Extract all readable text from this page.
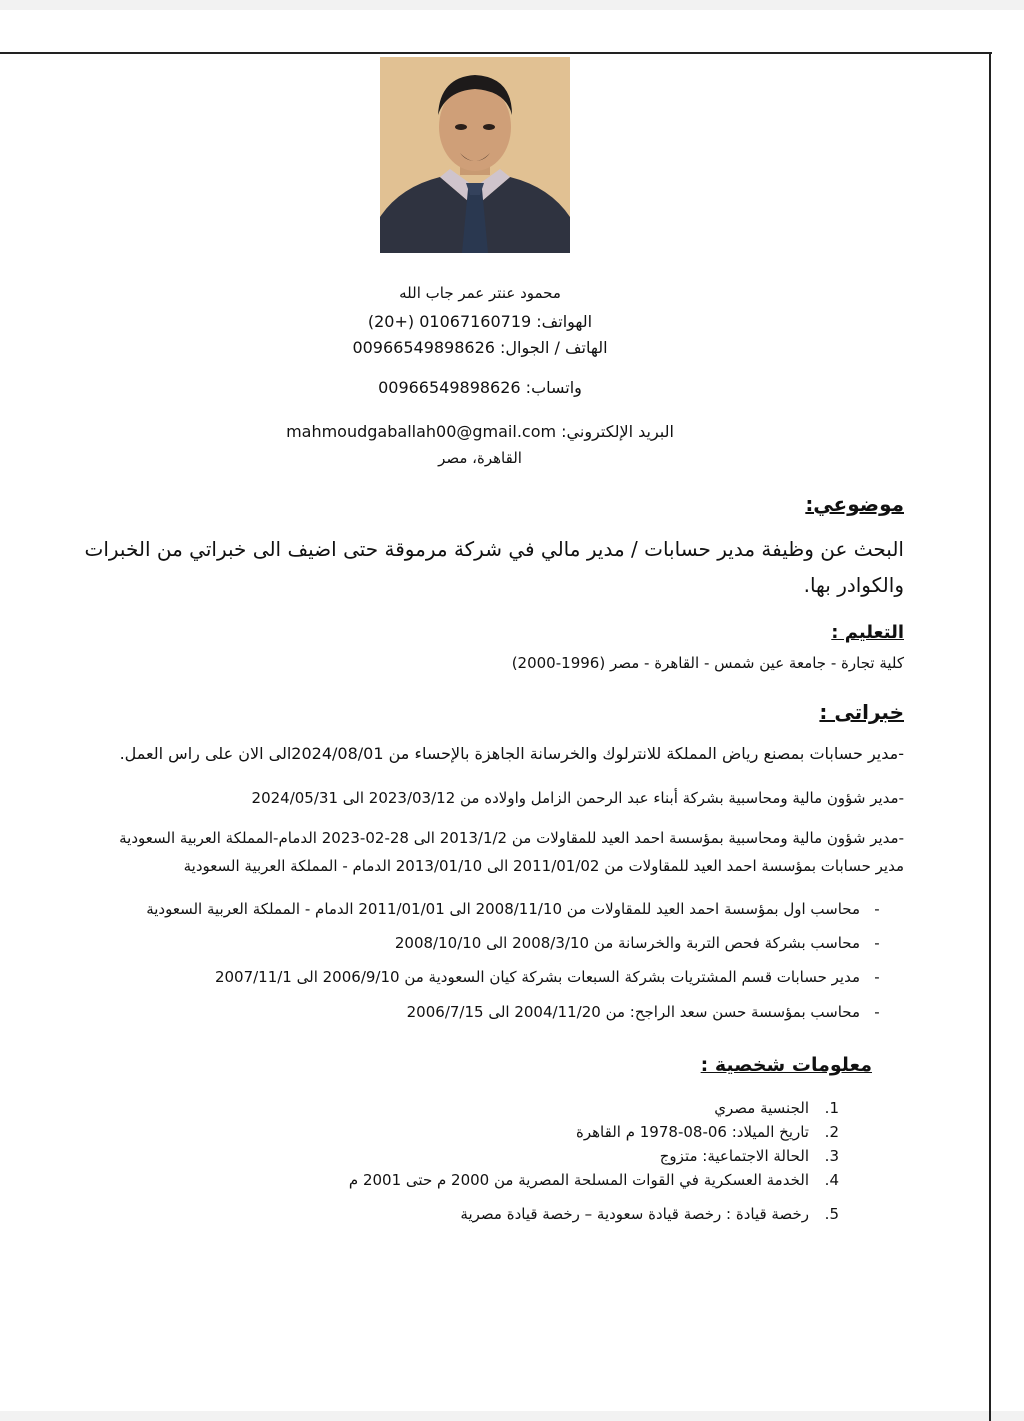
محمود عنتر عمر جاب الله
الهواتف: 01067160719 (+20)
الهاتف / الجوال: 00966549898626
واتساب: 00966549898626
البريد الإلكتروني: mahmoudgaballah00@gmail.com
القاهرة، مصر
موضوعي:
البحث عن وظيفة مدير حسابات / مدير مالي في شركة مرموقة حتى اضيف الى خبراتي من الخبرات
والكوادر بها.
التعليم :
كلية تجارة - جامعة عين شمس - القاهرة - مصر (1996-2000)
خبراتى :
-مدير حسابات بمصنع رياض المملكة للانترلوك والخرسانة الجاهزة بالإحساء من 2024/08/01الى الان على راس العمل.
-مدير شؤون مالية ومحاسبية بشركة أبناء عبد الرحمن الزامل واولاده من 2023/03/12 الى 2024/05/31
-مدير شؤون مالية ومحاسبية بمؤسسة احمد العيد للمقاولات من 2013/1/2 الى 28-02-2023 الدمام-المملكة العربية السعودية
مدير حسابات بمؤسسة احمد العيد للمقاولات من 2011/01/02 الى 2013/01/10 الدمام - المملكة العربية السعودية
-محاسب اول بمؤسسة احمد العيد للمقاولات من 2008/11/10 الى 2011/01/01 الدمام - المملكة العربية السعودية
-محاسب بشركة فحص التربة والخرسانة من 2008/3/10 الى 2008/10/10
-مدير حسابات قسم المشتريات بشركة السبعات بشركة كيان السعودية من 2006/9/10 الى 2007/11/1
-محاسب بمؤسسة حسن سعد الراجح: من 2004/11/20 الى 2006/7/15
معلومات شخصية :
1.الجنسية مصري
2.تاريخ الميلاد: 06-08-1978 م القاهرة
3.الحالة الاجتماعية: متزوج
4.الخدمة العسكرية في القوات المسلحة المصرية من 2000 م حتى 2001 م
5.رخصة قيادة : رخصة قيادة سعودية – رخصة قيادة مصرية
